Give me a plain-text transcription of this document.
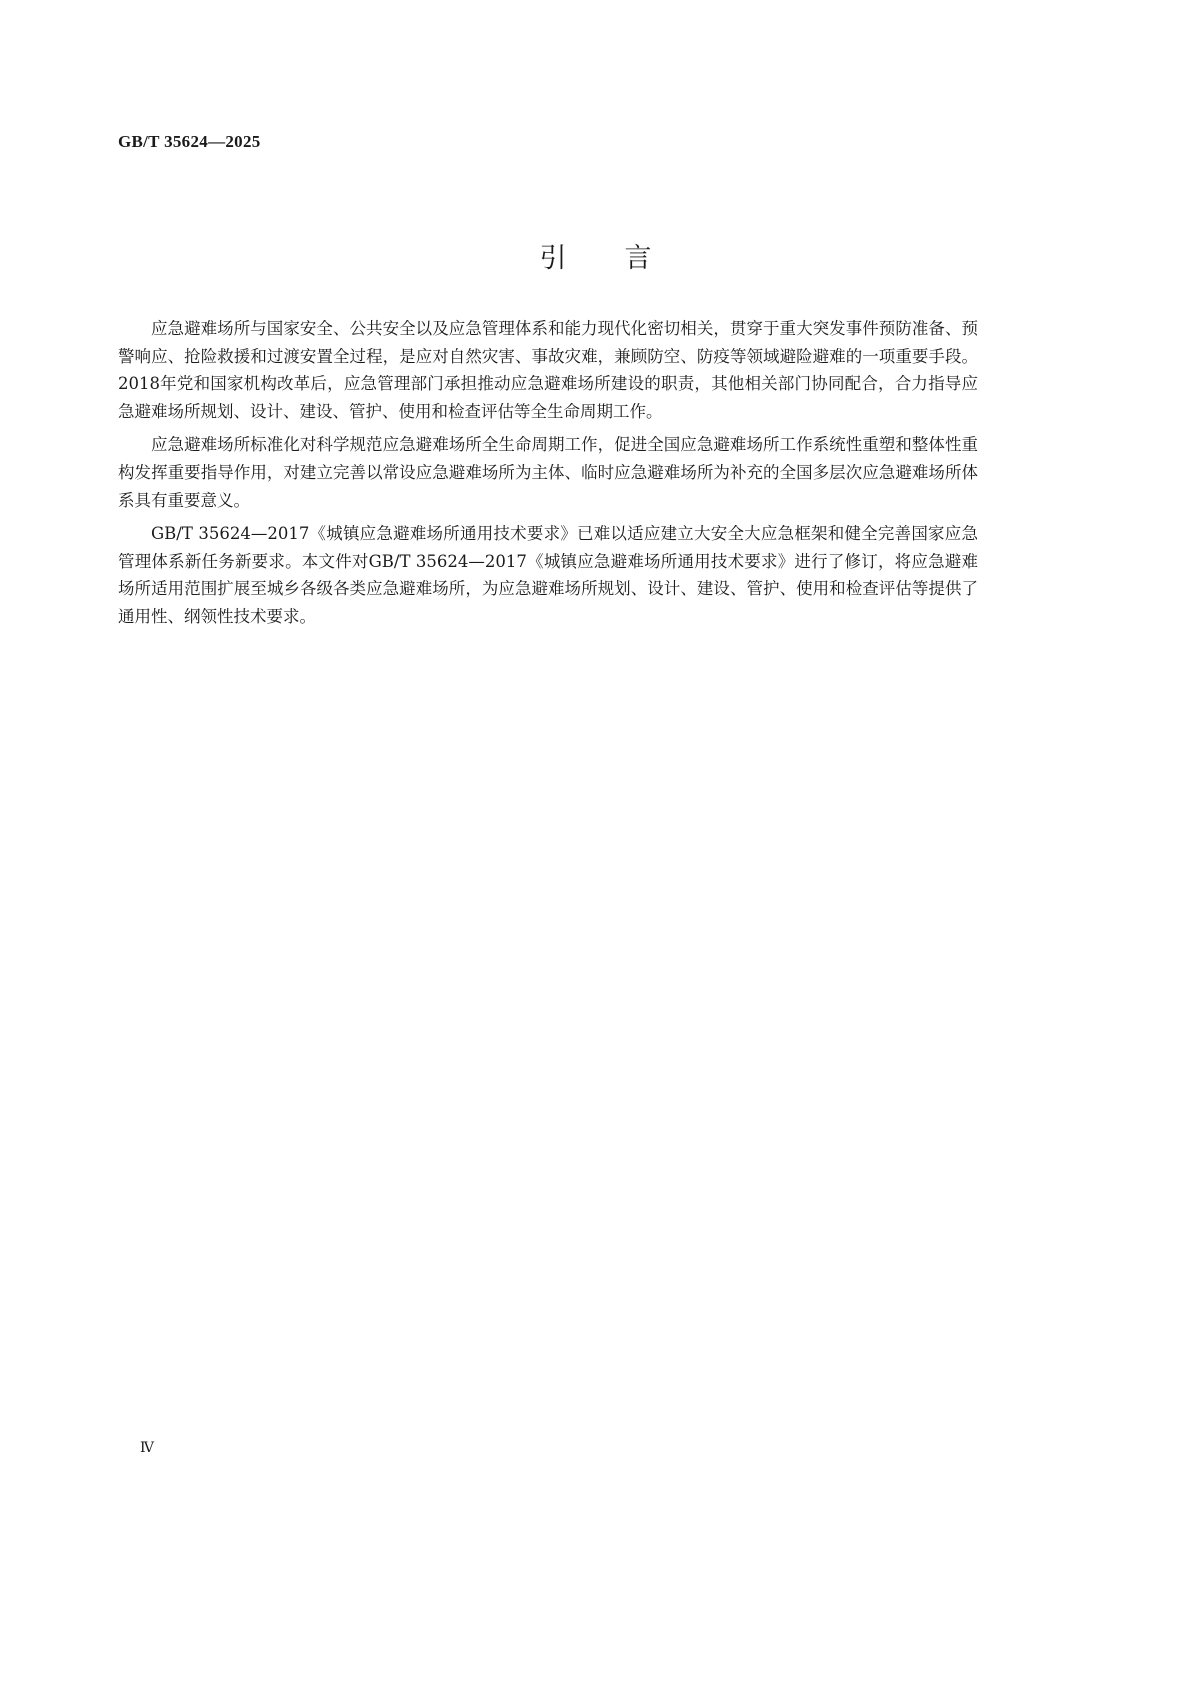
GB/T 35624—2025
引言

应急避难场所与国家安全、公共安全以及应急管理体系和能力现代化密切相关，贯穿于重大突发事件预防准备、预警响应、抢险救援和过渡安置全过程，是应对自然灾害、事故灾难，兼顾防空、防疫等领域避险避难的一项重要手段。2018年党和国家机构改革后，应急管理部门承担推动应急避难场所建设的职责，其他相关部门协同配合，合力指导应急避难场所规划、设计、建设、管护、使用和检查评估等全生命周期工作。

应急避难场所标准化对科学规范应急避难场所全生命周期工作，促进全国应急避难场所工作系统性重塑和整体性重构发挥重要指导作用，对建立完善以常设应急避难场所为主体、临时应急避难场所为补充的全国多层次应急避难场所体系具有重要意义。

GB/T 35624—2017《城镇应急避难场所通用技术要求》已难以适应建立大安全大应急框架和健全完善国家应急管理体系新任务新要求。本文件对GB/T 35624—2017《城镇应急避难场所通用技术要求》进行了修订，将应急避难场所适用范围扩展至城乡各级各类应急避难场所，为应急避难场所规划、设计、建设、管护、使用和检查评估等提供了通用性、纲领性技术要求。

Ⅳ
